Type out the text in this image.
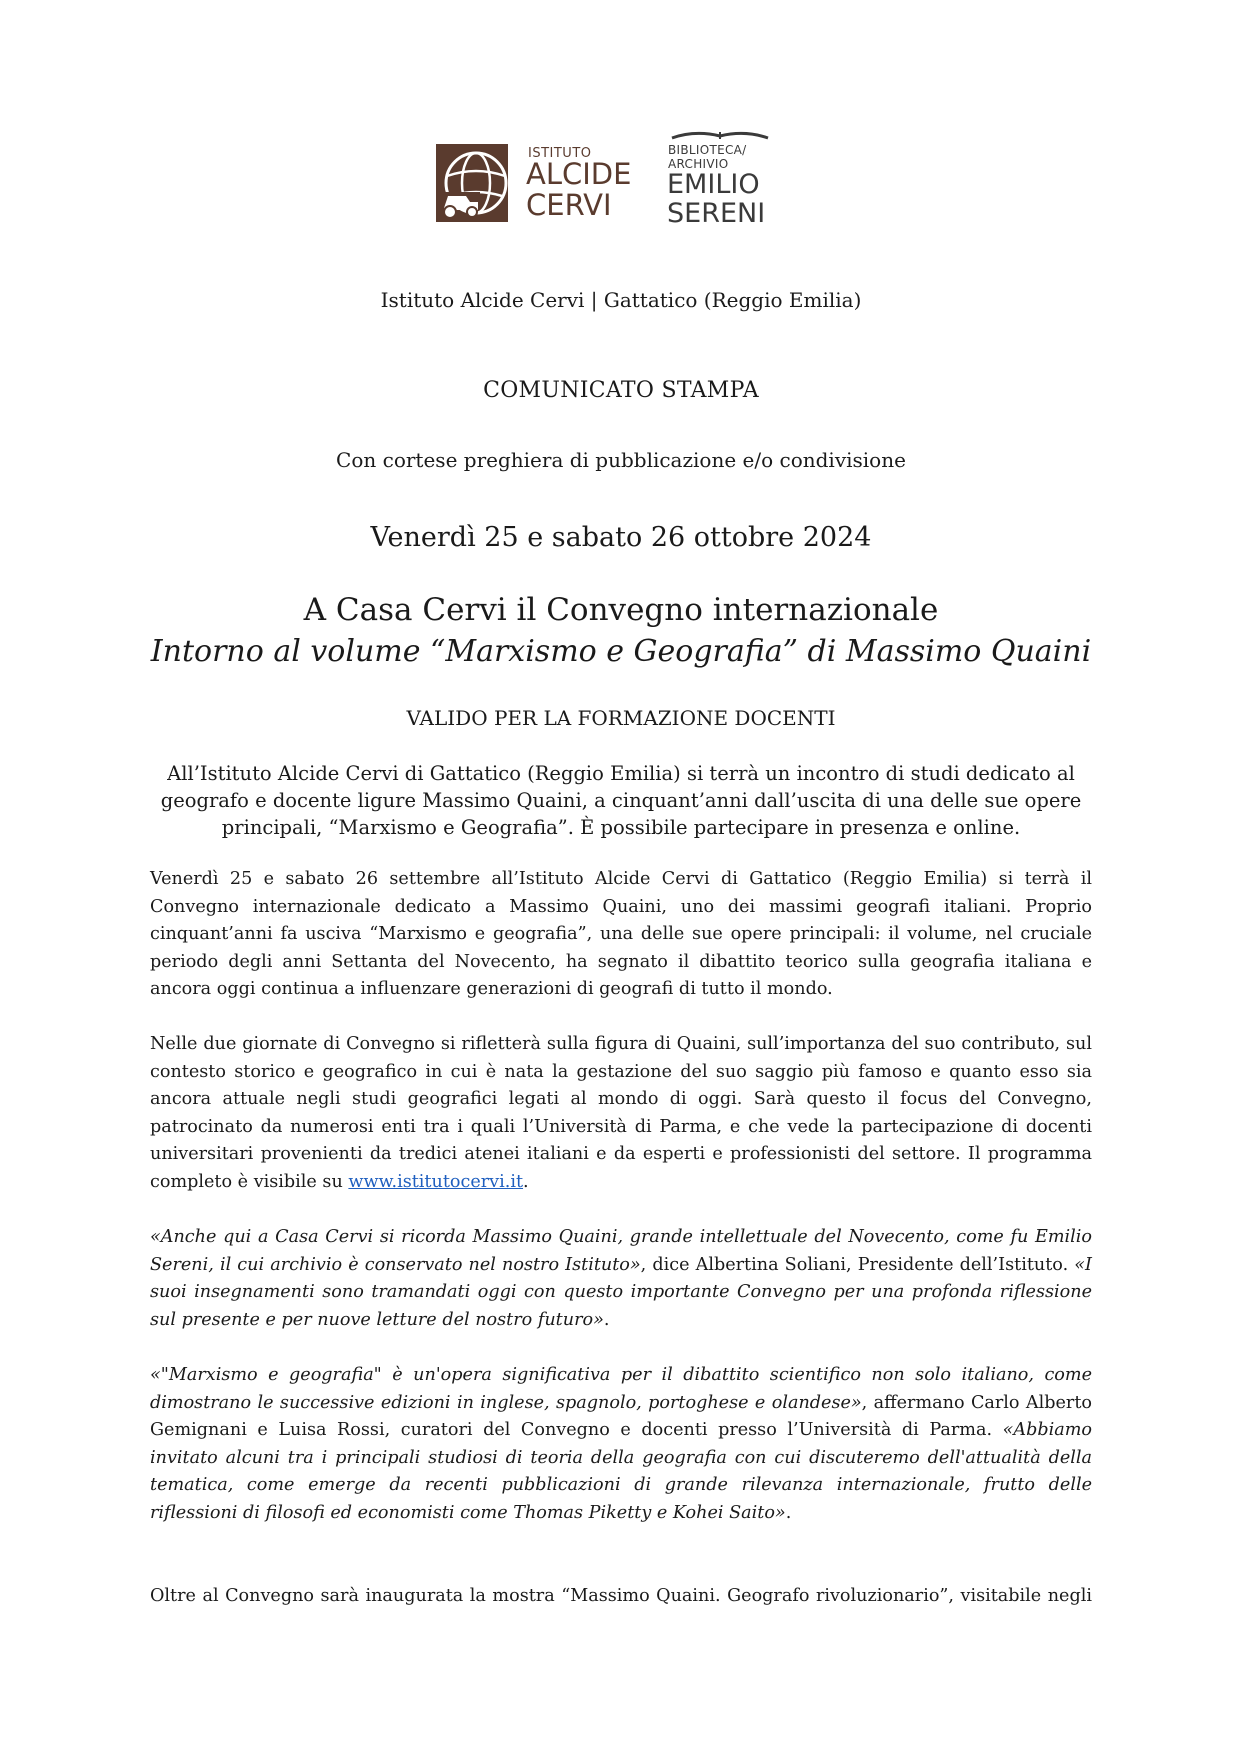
ISTITUTO
ALCIDE
CERVI
BIBLIOTECA/
ARCHIVIO
EMILIO
SERENI
Istituto Alcide Cervi | Gattatico (Reggio Emilia)
COMUNICATO STAMPA
Con cortese preghiera di pubblicazione e/o condivisione
Venerdì 25 e sabato 26 ottobre 2024
A Casa Cervi il Convegno internazionale
Intorno al volume “Marxismo e Geografia” di Massimo Quaini
VALIDO PER LA FORMAZIONE DOCENTI
All’Istituto Alcide Cervi di Gattatico (Reggio Emilia) si terrà un incontro di studi dedicato al geografo e docente ligure Massimo Quaini, a cinquant’anni dall’uscita di una delle sue opere principali, “Marxismo e Geografia”. È possibile partecipare in presenza e online.

Venerdì 25 e sabato 26 settembre all’Istituto Alcide Cervi di Gattatico (Reggio Emilia) si terrà il Convegno internazionale dedicato a Massimo Quaini, uno dei massimi geografi italiani. Proprio cinquant’anni fa usciva “Marxismo e geografia”, una delle sue opere principali: il volume, nel cruciale periodo degli anni Settanta del Novecento, ha segnato il dibattito teorico sulla geografia italiana e ancora oggi continua a influenzare generazioni di geografi di tutto il mondo.

Nelle due giornate di Convegno si rifletterà sulla figura di Quaini, sull’importanza del suo contributo, sul contesto storico e geografico in cui è nata la gestazione del suo saggio più famoso e quanto esso sia ancora attuale negli studi geografici legati al mondo di oggi. Sarà questo il focus del Convegno, patrocinato da numerosi enti tra i quali l’Università di Parma, e che vede la partecipazione di docenti universitari provenienti da tredici atenei italiani e da esperti e professionisti del settore. Il programma completo è visibile su www.istitutocervi.it.

«Anche qui a Casa Cervi si ricorda Massimo Quaini, grande intellettuale del Novecento, come fu Emilio Sereni, il cui archivio è conservato nel nostro Istituto», dice Albertina Soliani, Presidente dell’Istituto. «I suoi insegnamenti sono tramandati oggi con questo importante Convegno per una profonda riflessione sul presente e per nuove letture del nostro futuro».

«"Marxismo e geografia" è un'opera significativa per il dibattito scientifico non solo italiano, come dimostrano le successive edizioni in inglese, spagnolo, portoghese e olandese», affermano Carlo Alberto Gemignani e Luisa Rossi, curatori del Convegno e docenti presso l’Università di Parma. «Abbiamo invitato alcuni tra i principali studiosi di teoria della geografia con cui discuteremo dell'attualità della tematica, come emerge da recenti pubblicazioni di grande rilevanza internazionale, frutto delle riflessioni di filosofi ed economisti come Thomas Piketty e Kohei Saito».

Oltre al Convegno sarà inaugurata la mostra “Massimo Quaini. Geografo rivoluzionario”, visitabile negli
